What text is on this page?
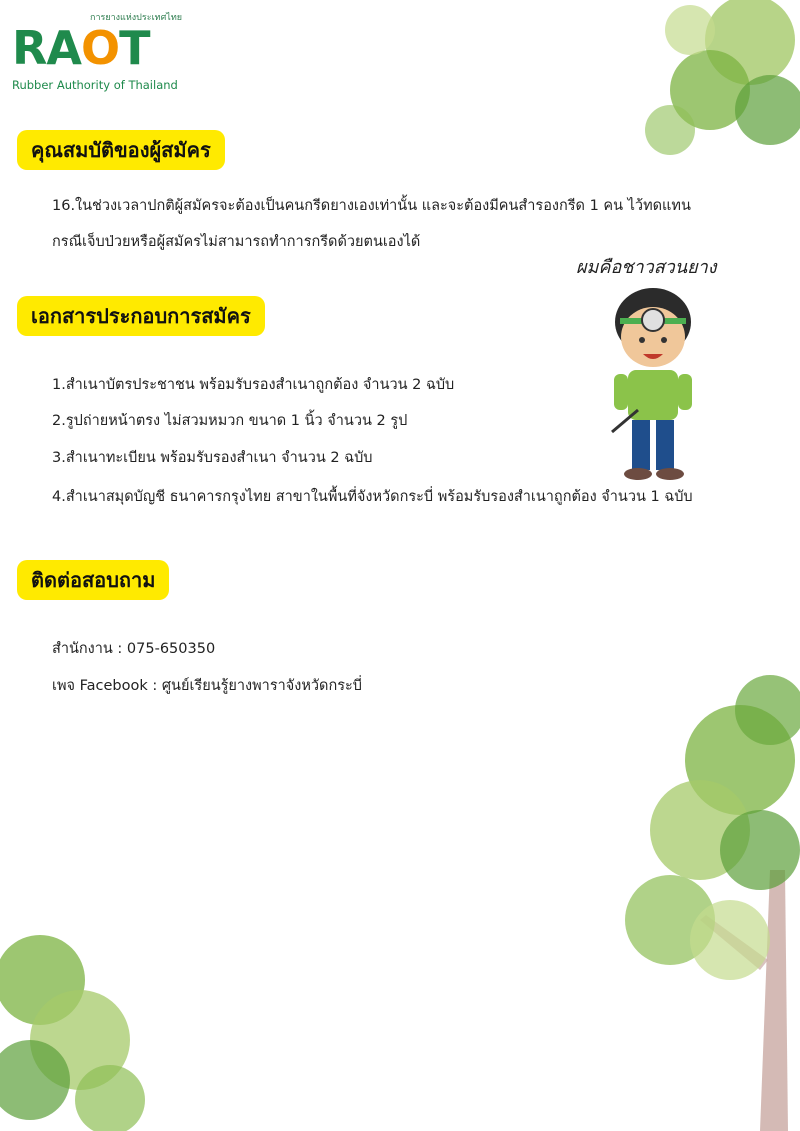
การยางแห่งประเทศไทย
RAOT
Rubber Authority of Thailand
คุณสมบัติของผู้สมัคร
16.ในช่วงเวลาปกติผู้สมัครจะต้องเป็นคนกรีดยางเองเท่านั้น และจะต้องมีคนสำรองกรีด 1 คน ไว้ทดแทน
กรณีเจ็บป่วยหรือผู้สมัครไม่สามารถทำการกรีดด้วยตนเองได้
ผมคือชาวสวนยาง
เอกสารประกอบการสมัคร
1.สำเนาบัตรประชาชน พร้อมรับรองสำเนาถูกต้อง จำนวน 2 ฉบับ
2.รูปถ่ายหน้าตรง ไม่สวมหมวก ขนาด 1 นิ้ว จำนวน 2 รูป
3.สำเนาทะเบียน พร้อมรับรองสำเนา จำนวน 2 ฉบับ
4.สำเนาสมุดบัญชี ธนาคารกรุงไทย สาขาในพื้นที่จังหวัดกระบี่ พร้อมรับรองสำเนาถูกต้อง จำนวน 1 ฉบับ
ติดต่อสอบถาม
สำนักงาน : 075-650350
เพจ Facebook : ศูนย์เรียนรู้ยางพาราจังหวัดกระบี่
